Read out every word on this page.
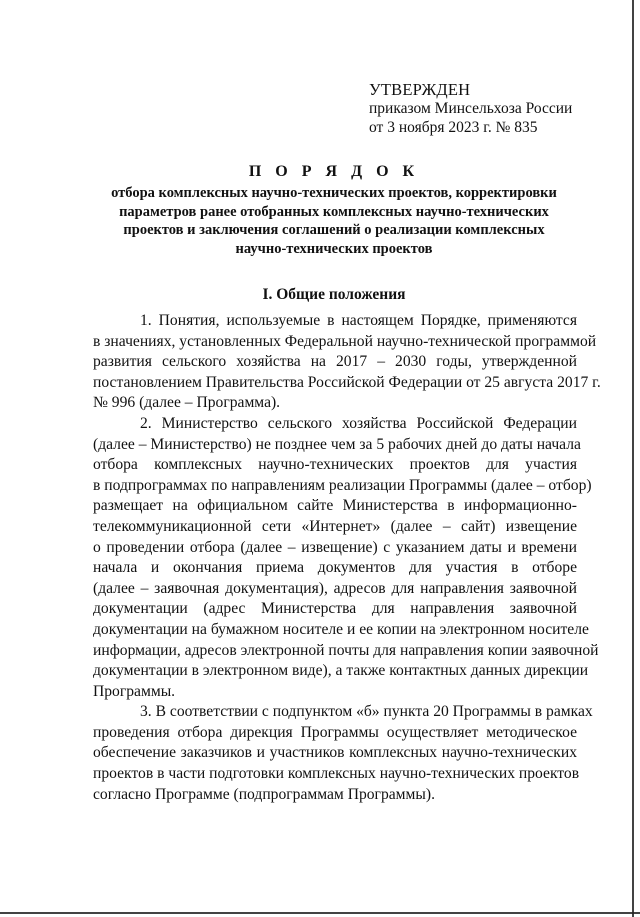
УТВЕРЖДЕН
приказом Минсельхоза России
от 3 ноября 2023 г. № 835
П О Р Я Д О К
отбора комплексных научно-технических проектов, корректировки
параметров ранее отобранных комплексных научно-технических
проектов и заключения соглашений о реализации комплексных
научно-технических проектов
I. Общие положения
1. Понятия, используемые в настоящем Порядке, применяются
в значениях, установленных Федеральной научно-технической программой
развития сельского хозяйства на 2017 – 2030 годы, утвержденной
постановлением Правительства Российской Федерации от 25 августа 2017 г.
№ 996 (далее – Программа).
2. Министерство сельского хозяйства Российской Федерации
(далее – Министерство) не позднее чем за 5 рабочих дней до даты начала
отбора комплексных научно-технических проектов для участия
в подпрограммах по направлениям реализации Программы (далее – отбор)
размещает на официальном сайте Министерства в информационно-
телекоммуникационной сети «Интернет» (далее – сайт) извещение
о проведении отбора (далее – извещение) с указанием даты и времени
начала и окончания приема документов для участия в отборе
(далее – заявочная документация), адресов для направления заявочной
документации (адрес Министерства для направления заявочной
документации на бумажном носителе и ее копии на электронном носителе
информации, адресов электронной почты для направления копии заявочной
документации в электронном виде), а также контактных данных дирекции
Программы.
3. В соответствии с подпунктом «б» пункта 20 Программы в рамках
проведения отбора дирекция Программы осуществляет методическое
обеспечение заказчиков и участников комплексных научно-технических
проектов в части подготовки комплексных научно-технических проектов
согласно Программе (подпрограммам Программы).
